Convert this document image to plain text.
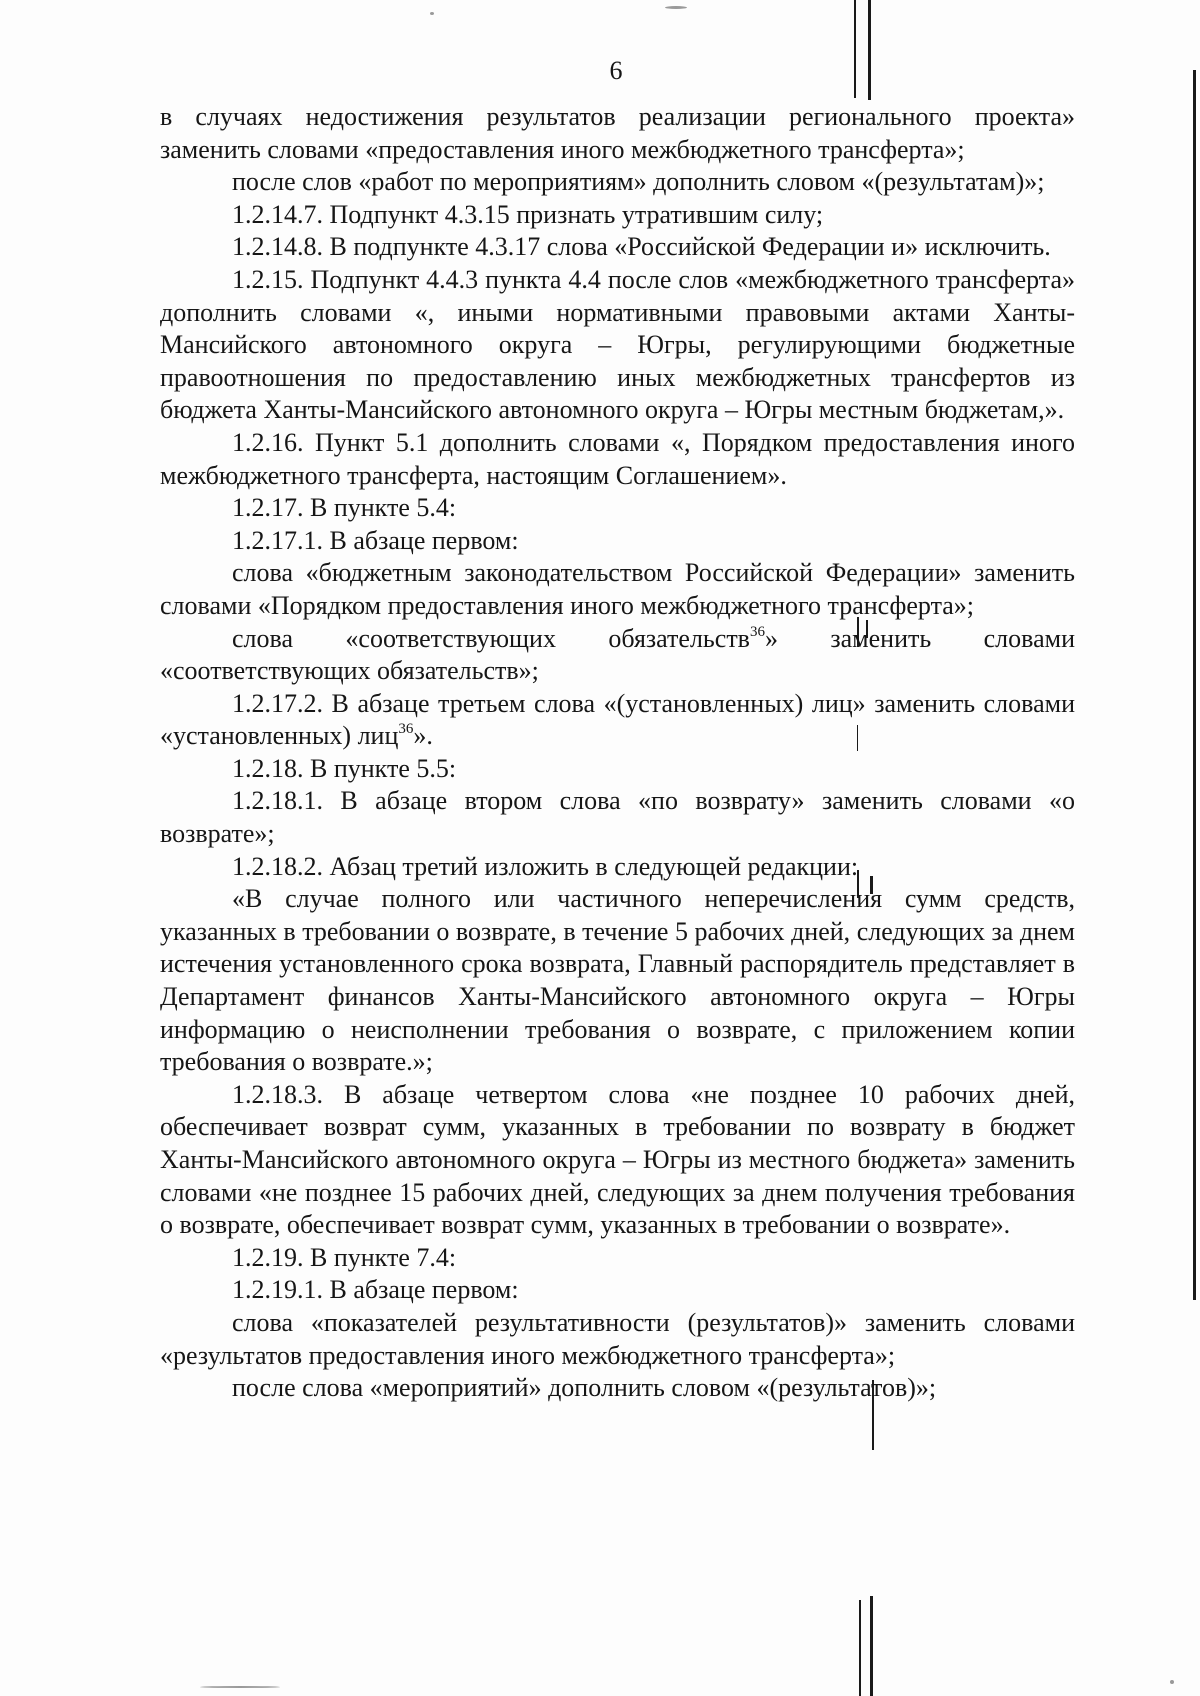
6

в случаях недостижения результатов реализации регионального проекта» заменить словами «предоставления иного межбюджетного трансферта»;

после слов «работ по мероприятиям» дополнить словом «(результатам)»;

1.2.14.7. Подпункт 4.3.15 признать утратившим силу;

1.2.14.8. В подпункте 4.3.17 слова «Российской Федерации и» исключить.

1.2.15. Подпункт 4.4.3 пункта 4.4 после слов «межбюджетного трансферта» дополнить словами «, иными нормативными правовыми актами Ханты-Мансийского автономного округа – Югры, регулирующими бюджетные правоотношения по предоставлению иных межбюджетных трансфертов из бюджета Ханты-Мансийского автономного округа – Югры местным бюджетам,».

1.2.16. Пункт 5.1 дополнить словами «, Порядком предоставления иного межбюджетного трансферта, настоящим Соглашением».

1.2.17. В пункте 5.4:

1.2.17.1. В абзаце первом:

слова «бюджетным законодательством Российской Федерации» заменить словами «Порядком предоставления иного межбюджетного трансферта»;

слова «соответствующих обязательств$^{36}$» заменить словами «соответствующих обязательств»;

1.2.17.2. В абзаце третьем слова «(установленных) лиц» заменить словами «установленных) лиц$^{36}$».

1.2.18. В пункте 5.5:

1.2.18.1. В абзаце втором слова «по возврату» заменить словами «о возврате»;

1.2.18.2. Абзац третий изложить в следующей редакции:

«В случае полного или частичного неперечисления сумм средств, указанных в требовании о возврате, в течение 5 рабочих дней, следующих за днем истечения установленного срока возврата, Главный распорядитель представляет в Департамент финансов Ханты-Мансийского автономного округа – Югры информацию о неисполнении требования о возврате, с приложением копии требования о возврате.»;

1.2.18.3. В абзаце четвертом слова «не позднее 10 рабочих дней, обеспечивает возврат сумм, указанных в требовании по возврату в бюджет Ханты-Мансийского автономного округа – Югры из местного бюджета» заменить словами «не позднее 15 рабочих дней, следующих за днем получения требования о возврате, обеспечивает возврат сумм, указанных в требовании о возврате».

1.2.19. В пункте 7.4:

1.2.19.1. В абзаце первом:

слова «показателей результативности (результатов)» заменить словами «результатов предоставления иного межбюджетного трансферта»;

после слова «мероприятий» дополнить словом «(результатов)»;
